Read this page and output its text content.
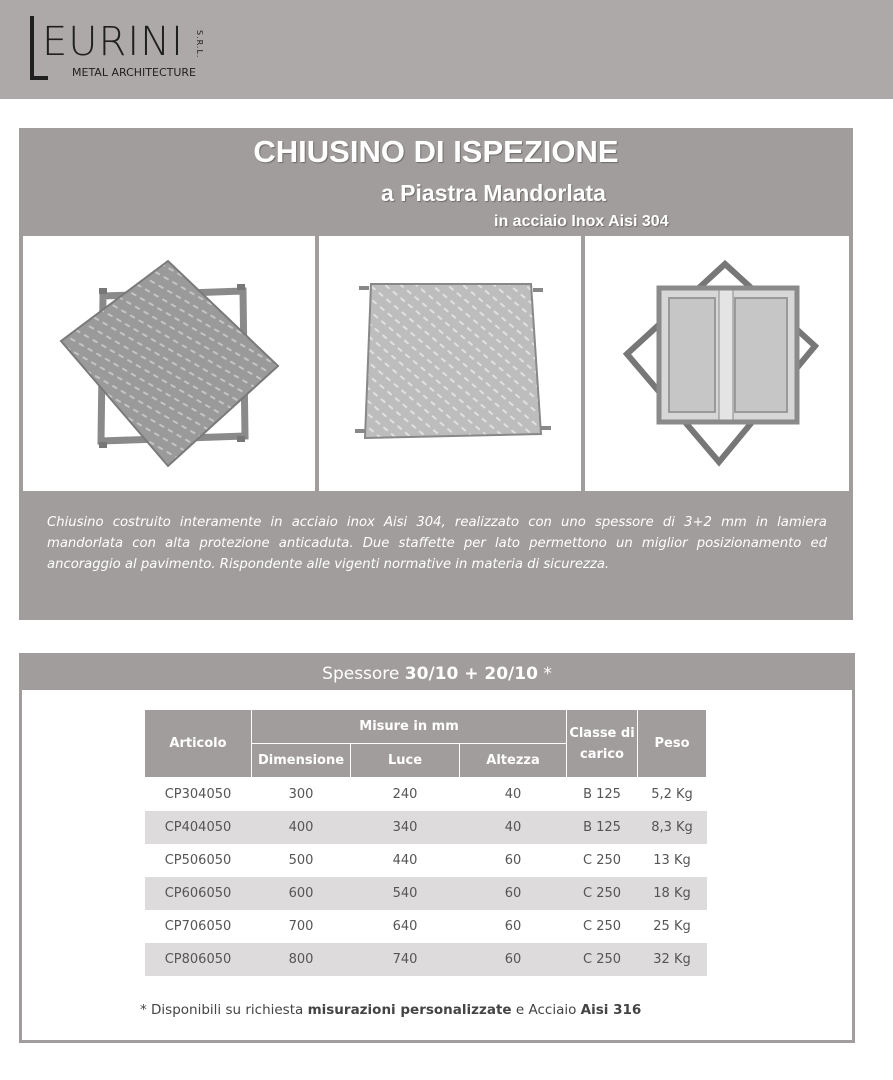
EURINI S.R.L.
METAL ARCHITECTURE
CHIUSINO DI ISPEZIONE
a Piastra Mandorlata
in acciaio Inox Aisi 304
Chiusino costruito interamente in acciaio inox Aisi 304, realizzato con uno spessore di 3+2 mm in lamiera mandorlata con alta protezione anticaduta. Due staffette per lato permettono un miglior posizionamento ed ancoraggio al pavimento. Rispondente alle vigenti normative in materia di sicurezza.
Spessore 30/10 + 20/10 *
Articolo	Misure in mm			Classe di carico	Peso
	Dimensione	Luce	Altezza		
CP304050	300	240	40	B 125	5,2 Kg
CP404050	400	340	40	B 125	8,3 Kg
CP506050	500	440	60	C 250	13 Kg
CP606050	600	540	60	C 250	18 Kg
CP706050	700	640	60	C 250	25 Kg
CP806050	800	740	60	C 250	32 Kg
* Disponibili su richiesta misurazioni personalizzate e Acciaio Aisi 316
